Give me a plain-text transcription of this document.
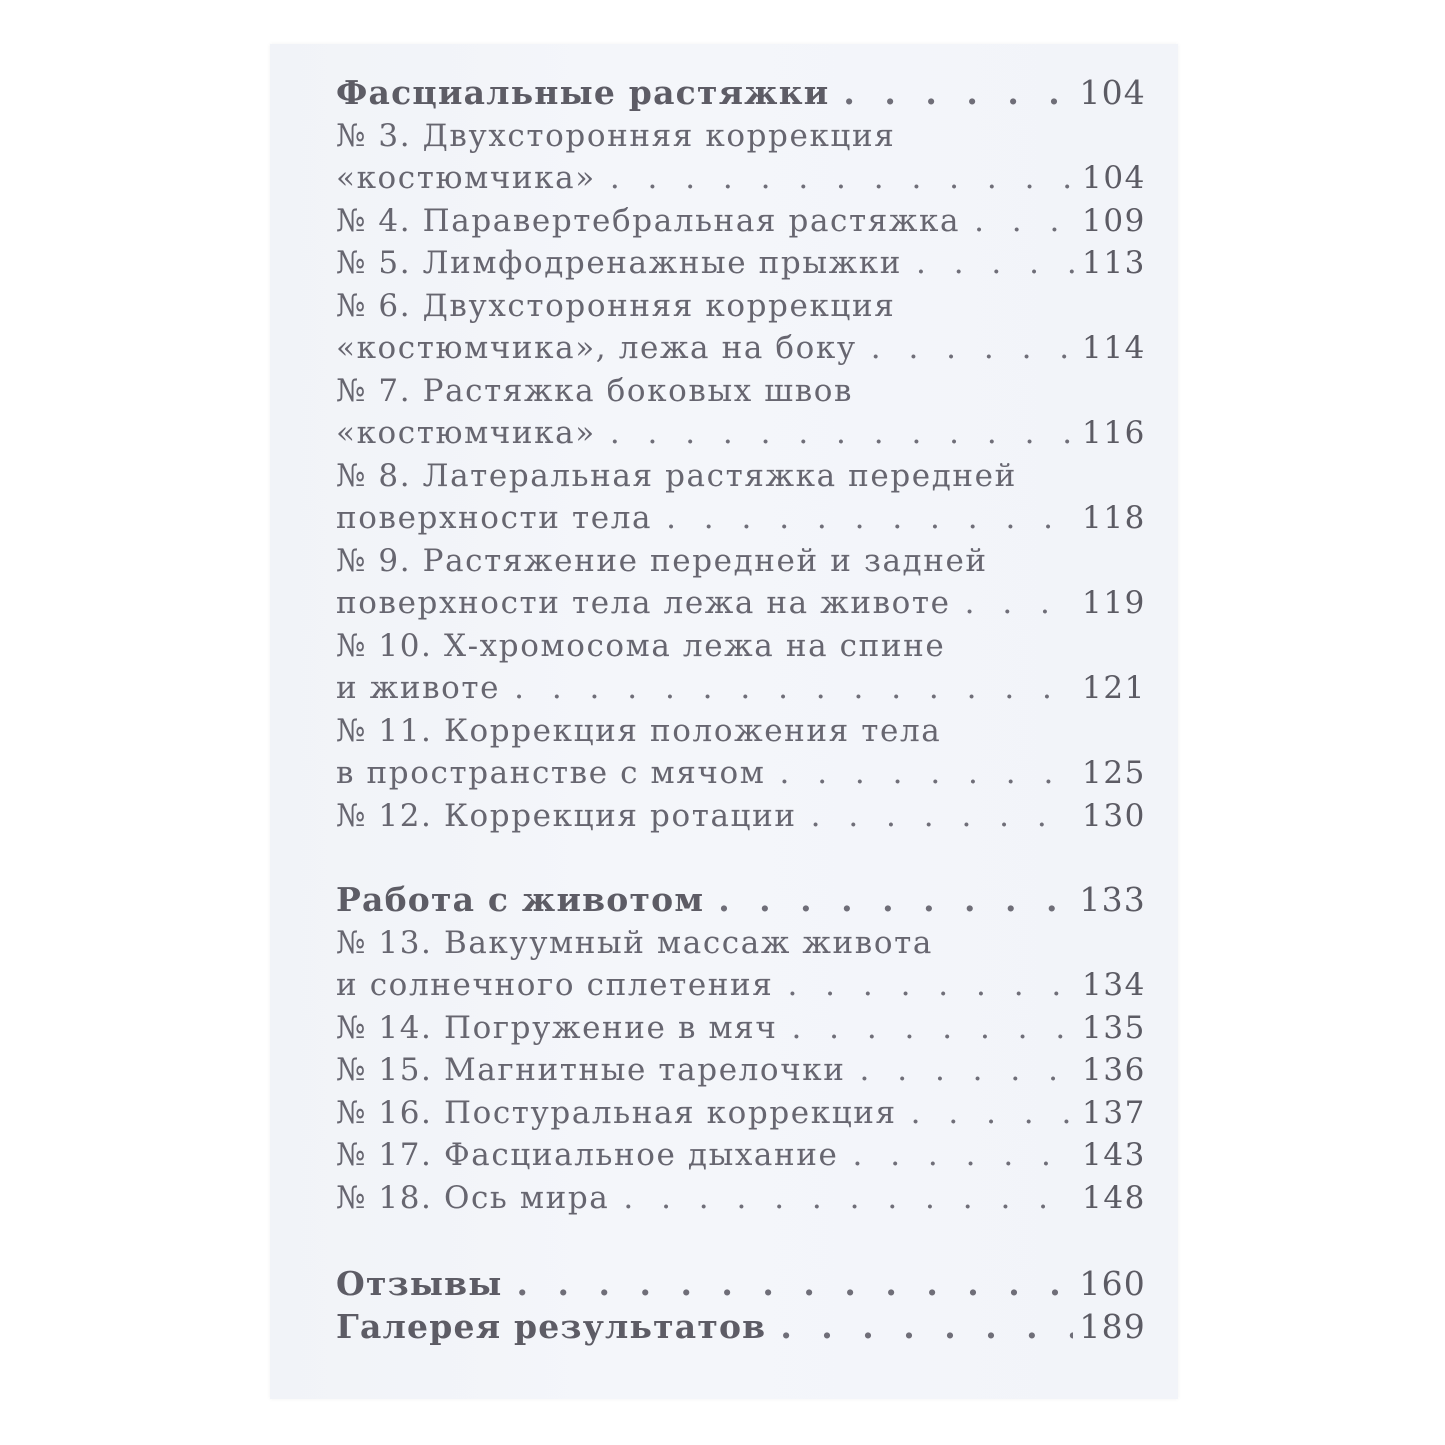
Фасциальные растяжки . . .	104
№ 3. Двухсторонняя коррекция
«костюмчика» . . .	104
№ 4. Паравертебральная растяжка . . .	109
№ 5. Лимфодренажные прыжки . . .	113
№ 6. Двухсторонняя коррекция
«костюмчика», лежа на боку . . .	114
№ 7. Растяжка боковых швов
«костюмчика» . . .	116
№ 8. Латеральная растяжка передней
поверхности тела . . .	118
№ 9. Растяжение передней и задней
поверхности тела лежа на животе . . .	119
№ 10. Х-хромосома лежа на спине
и животе . . .	121
№ 11. Коррекция положения тела
в пространстве с мячом . . .	125
№ 12. Коррекция ротации . . .	130
Работа с животом . . .	133
№ 13. Вакуумный массаж живота
и солнечного сплетения . . .	134
№ 14. Погружение в мяч . . .	135
№ 15. Магнитные тарелочки . . .	136
№ 16. Постуральная коррекция . . .	137
№ 17. Фасциальное дыхание . . .	143
№ 18. Ось мира . . .	148
Отзывы . . .	160
Галерея результатов . . .	189
